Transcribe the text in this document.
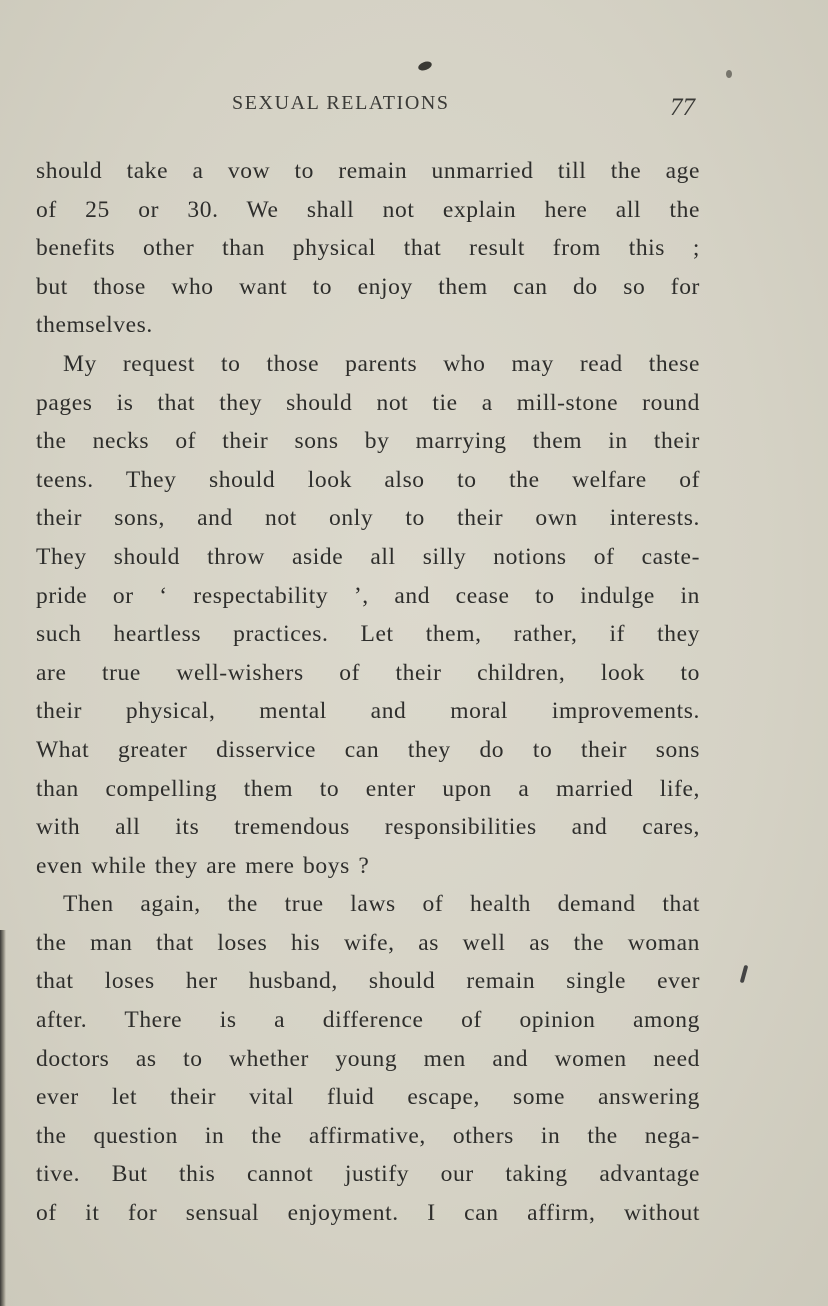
SEXUAL RELATIONS	77
should take a vow to remain unmarried till the age
of 25 or 30. We shall not explain here all the
benefits other than physical that result from this ;
but those who want to enjoy them can do so for
themselves.
My request to those parents who may read these
pages is that they should not tie a mill-stone round
the necks of their sons by marrying them in their
teens. They should look also to the welfare of
their sons, and not only to their own interests.
They should throw aside all silly notions of caste-
pride or ‘ respectability ’, and cease to indulge in
such heartless practices. Let them, rather, if they
are true well-wishers of their children, look to
their physical, mental and moral improvements.
What greater disservice can they do to their sons
than compelling them to enter upon a married life,
with all its tremendous responsibilities and cares,
even while they are mere boys ?
Then again, the true laws of health demand that
the man that loses his wife, as well as the woman
that loses her husband, should remain single ever
after. There is a difference of opinion among
doctors as to whether young men and women need
ever let their vital fluid escape, some answering
the question in the affirmative, others in the nega-
tive. But this cannot justify our taking advantage
of it for sensual enjoyment. I can affirm, without
